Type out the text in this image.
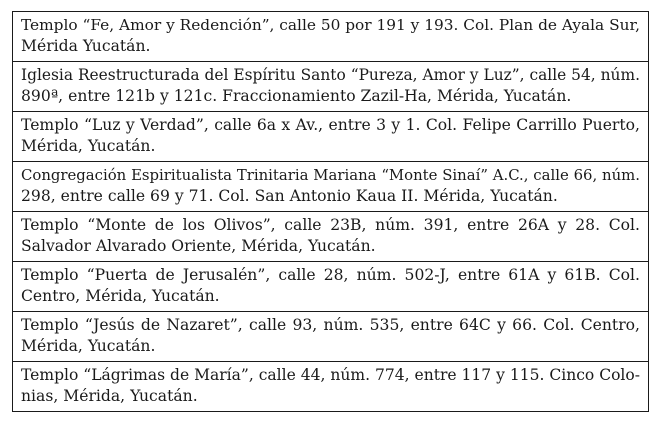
Templo “Fe, Amor y Redención”, calle 50 por 191 y 193. Col. Plan de Ayala Sur,
Mérida Yucatán.

Iglesia Reestructurada del Espíritu Santo “Pureza, Amor y Luz”, calle 54, núm.
890ª, entre 121b y 121c. Fraccionamiento Zazil-Ha, Mérida, Yucatán.

Templo “Luz y Verdad”, calle 6a x Av., entre 3 y 1. Col. Felipe Carrillo Puerto,
Mérida, Yucatán.

Congregación Espiritualista Trinitaria Mariana “Monte Sinaí” A.C., calle 66, núm.
298, entre calle 69 y 71. Col. San Antonio Kaua II. Mérida, Yucatán.

Templo “Monte de los Olivos”, calle 23B, núm. 391, entre 26A y 28. Col.
Salvador Alvarado Oriente, Mérida, Yucatán.

Templo “Puerta de Jerusalén”, calle 28, núm. 502-J, entre 61A y 61B. Col.
Centro, Mérida, Yucatán.

Templo “Jesús de Nazaret”, calle 93, núm. 535, entre 64C y 66. Col. Centro,
Mérida, Yucatán.

Templo “Lágrimas de María”, calle 44, núm. 774, entre 117 y 115. Cinco Colo-
nias, Mérida, Yucatán.
